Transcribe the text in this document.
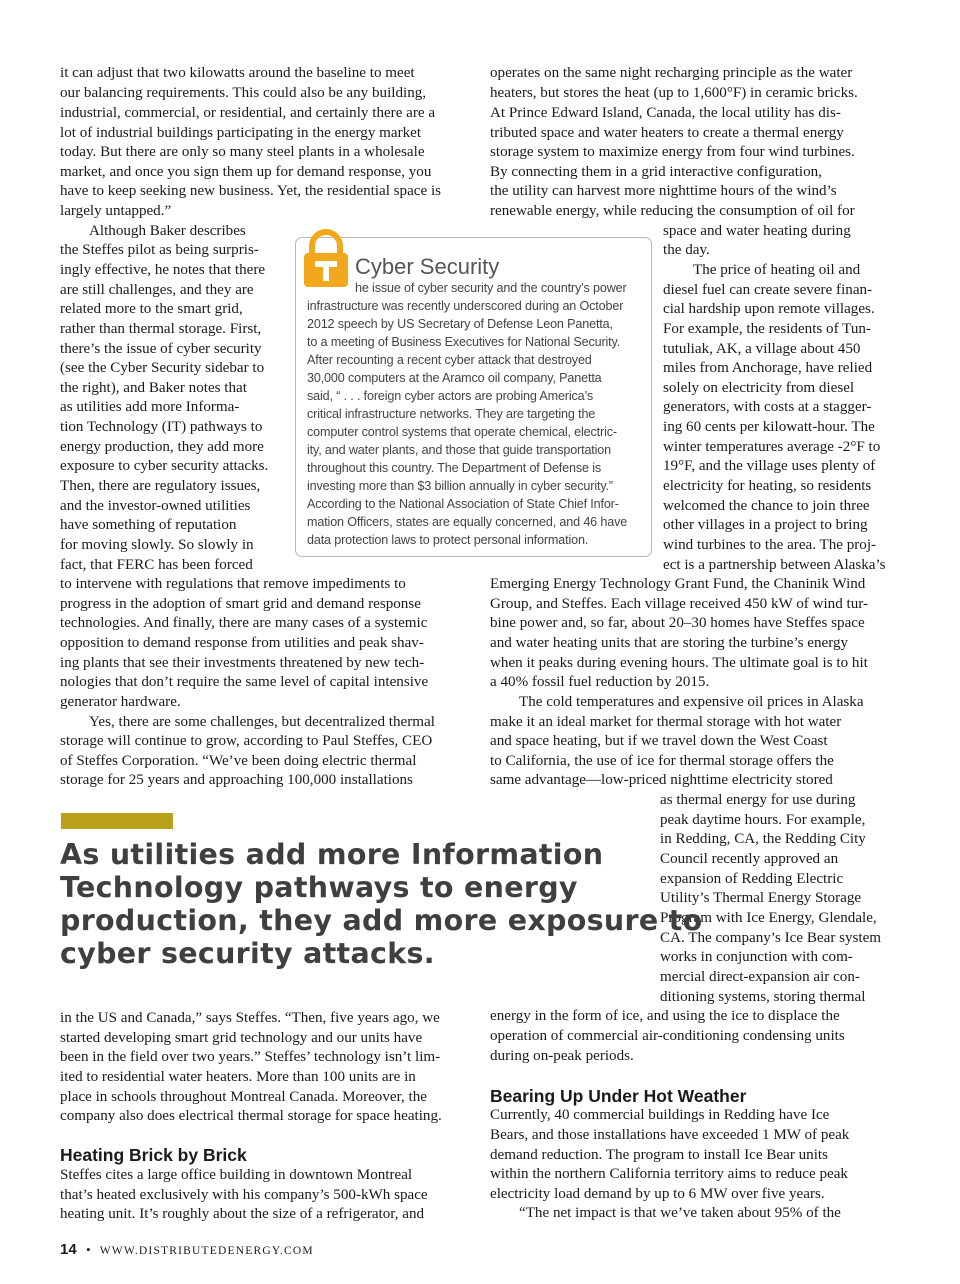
it can adjust that two kilowatts around the baseline to meet
our balancing requirements. This could also be any building,
industrial, commercial, or residential, and certainly there are a
lot of industrial buildings participating in the energy market
today. But there are only so many steel plants in a wholesale
market, and once you sign them up for demand response, you
have to keep seeking new business. Yet, the residential space is
largely untapped.”
Although Baker describes
the Steffes pilot as being surpris-
ingly effective, he notes that there
are still challenges, and they are
related more to the smart grid,
rather than thermal storage. First,
there’s the issue of cyber security
(see the Cyber Security sidebar to
the right), and Baker notes that
as utilities add more Informa-
tion Technology (IT) pathways to
energy production, they add more
exposure to cyber security attacks.
Then, there are regulatory issues,
and the investor-owned utilities
have something of reputation
for moving slowly. So slowly in
fact, that FERC has been forced
to intervene with regulations that remove impediments to
progress in the adoption of smart grid and demand response
technologies. And finally, there are many cases of a systemic
opposition to demand response from utilities and peak shav-
ing plants that see their investments threatened by new tech-
nologies that don’t require the same level of capital intensive
generator hardware.
Yes, there are some challenges, but decentralized thermal
storage will continue to grow, according to Paul Steffes, CEO
of Steffes Corporation. “We’ve been doing electric thermal
storage for 25 years and approaching 100,000 installations
Cyber Security
he issue of cyber security and the country’s power
infrastructure was recently underscored during an October
2012 speech by US Secretary of Defense Leon Panetta,
to a meeting of Business Executives for National Security.
After recounting a recent cyber attack that destroyed
30,000 computers at the Aramco oil company, Panetta
said, “ . . . foreign cyber actors are probing America’s
critical infrastructure networks. They are targeting the
computer control systems that operate chemical, electric-
ity, and water plants, and those that guide transportation
throughout this country. The Department of Defense is
investing more than $3 billion annually in cyber security.”
According to the National Association of State Chief Infor-
mation Officers, states are equally concerned, and 46 have
data protection laws to protect personal information.
operates on the same night recharging principle as the water
heaters, but stores the heat (up to 1,600°F) in ceramic bricks.
At Prince Edward Island, Canada, the local utility has dis-
tributed space and water heaters to create a thermal energy
storage system to maximize energy from four wind turbines.
By connecting them in a grid interactive configuration,
the utility can harvest more nighttime hours of the wind’s
renewable energy, while reducing the consumption of oil for
space and water heating during
the day.
The price of heating oil and
diesel fuel can create severe finan-
cial hardship upon remote villages.
For example, the residents of Tun-
tutuliak, AK, a village about 450
miles from Anchorage, have relied
solely on electricity from diesel
generators, with costs at a stagger-
ing 60 cents per kilowatt-hour. The
winter temperatures average -2°F to
19°F, and the village uses plenty of
electricity for heating, so residents
welcomed the chance to join three
other villages in a project to bring
wind turbines to the area. The proj-
ect is a partnership between Alaska’s
Emerging Energy Technology Grant Fund, the Chaninik Wind
Group, and Steffes. Each village received 450 kW of wind tur-
bine power and, so far, about 20–30 homes have Steffes space
and water heating units that are storing the turbine’s energy
when it peaks during evening hours. The ultimate goal is to hit
a 40% fossil fuel reduction by 2015.
The cold temperatures and expensive oil prices in Alaska
make it an ideal market for thermal storage with hot water
and space heating, but if we travel down the West Coast
to California, the use of ice for thermal storage offers the
same advantage—low-priced nighttime electricity stored
as thermal energy for use during
peak daytime hours. For example,
in Redding, CA, the Redding City
Council recently approved an
expansion of Redding Electric
Utility’s Thermal Energy Storage
Program with Ice Energy, Glendale,
CA. The company’s Ice Bear system
works in conjunction with com-
mercial direct-expansion air con-
ditioning systems, storing thermal
energy in the form of ice, and using the ice to displace the
operation of commercial air-conditioning condensing units
during on-peak periods.
Bearing Up Under Hot Weather
Currently, 40 commercial buildings in Redding have Ice
Bears, and those installations have exceeded 1 MW of peak
demand reduction. The program to install Ice Bear units
within the northern California territory aims to reduce peak
electricity load demand by up to 6 MW over five years.
“The net impact is that we’ve taken about 95% of the
As utilities add more Information
Technology pathways to energy
production, they add more exposure to
cyber security attacks.
in the US and Canada,” says Steffes. “Then, five years ago, we
started developing smart grid technology and our units have
been in the field over two years.” Steffes’ technology isn’t lim-
ited to residential water heaters. More than 100 units are in
place in schools throughout Montreal Canada. Moreover, the
company also does electrical thermal storage for space heating.
Heating Brick by Brick
Steffes cites a large office building in downtown Montreal
that’s heated exclusively with his company’s 500-kWh space
heating unit. It’s roughly about the size of a refrigerator, and
14 • WWW.DISTRIBUTEDENERGY.COM
